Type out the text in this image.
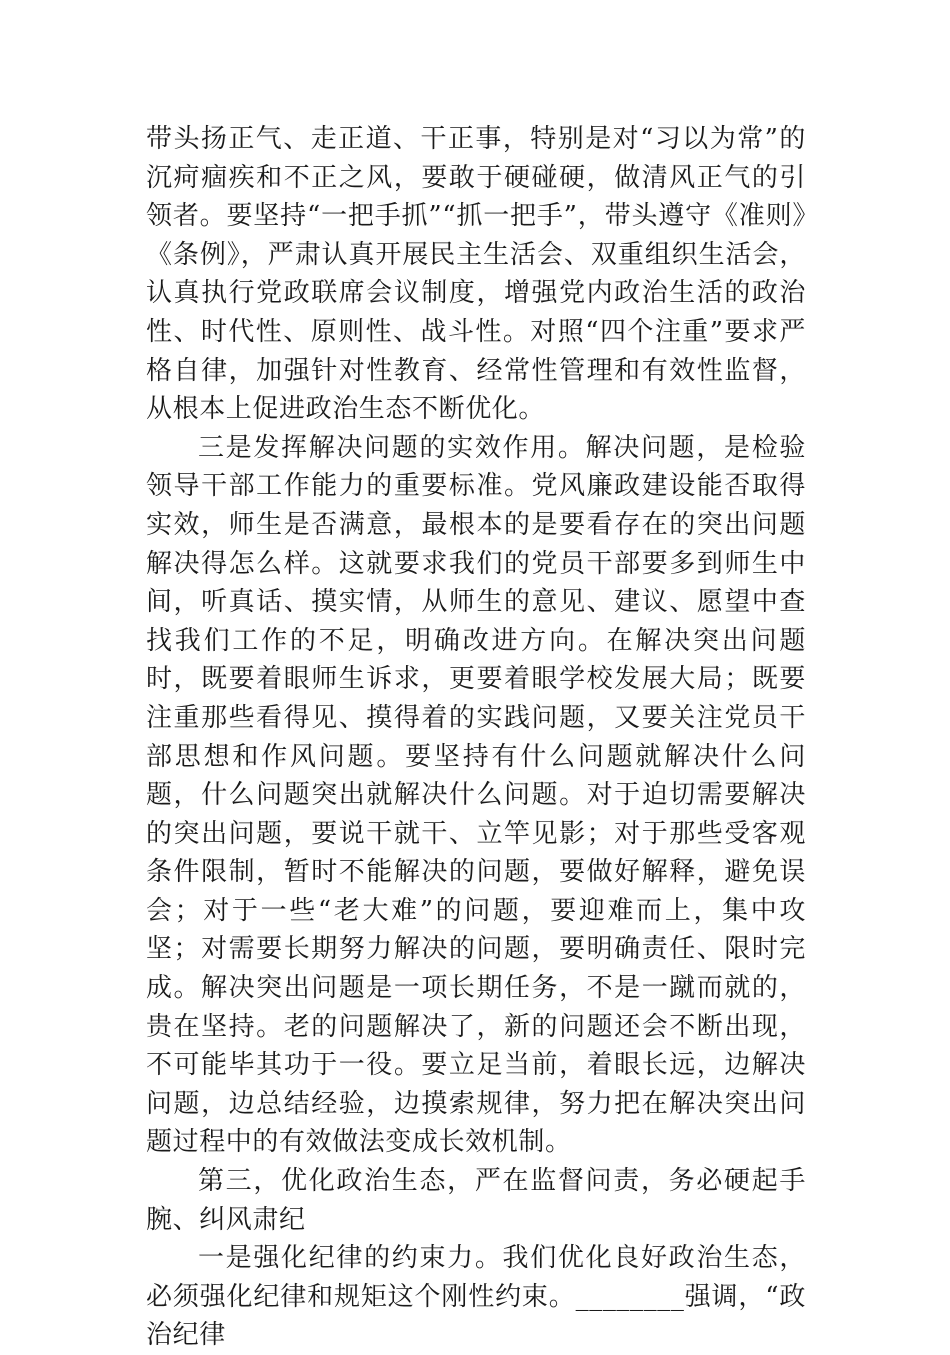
带头扬正气、走正道、干正事，特别是对“习以为常”的沉疴痼疾和不正之风，要敢于硬碰硬，做清风正气的引领者。要坚持“一把手抓”“抓一把手”，带头遵守《准则》《条例》，严肃认真开展民主生活会、双重组织生活会，认真执行党政联席会议制度，增强党内政治生活的政治性、时代性、原则性、战斗性。对照“四个注重”要求严格自律，加强针对性教育、经常性管理和有效性监督，从根本上促进政治生态不断优化。

三是发挥解决问题的实效作用。解决问题，是检验领导干部工作能力的重要标准。党风廉政建设能否取得实效，师生是否满意，最根本的是要看存在的突出问题解决得怎么样。这就要求我们的党员干部要多到师生中间，听真话、摸实情，从师生的意见、建议、愿望中查找我们工作的不足，明确改进方向。在解决突出问题时，既要着眼师生诉求，更要着眼学校发展大局；既要注重那些看得见、摸得着的实践问题，又要关注党员干部思想和作风问题。要坚持有什么问题就解决什么问题，什么问题突出就解决什么问题。对于迫切需要解决的突出问题，要说干就干、立竿见影；对于那些受客观条件限制，暂时不能解决的问题，要做好解释，避免误会；对于一些“老大难”的问题，要迎难而上，集中攻坚；对需要长期努力解决的问题，要明确责任、限时完成。解决突出问题是一项长期任务，不是一蹴而就的，贵在坚持。老的问题解决了，新的问题还会不断出现，不可能毕其功于一役。要立足当前，着眼长远，边解决问题，边总结经验，边摸索规律，努力把在解决突出问题过程中的有效做法变成长效机制。

第三，优化政治生态，严在监督问责，务必硬起手腕、纠风肃纪

一是强化纪律的约束力。我们优化良好政治生态，必须强化纪律和规矩这个刚性约束。________强调，“政治纪律
